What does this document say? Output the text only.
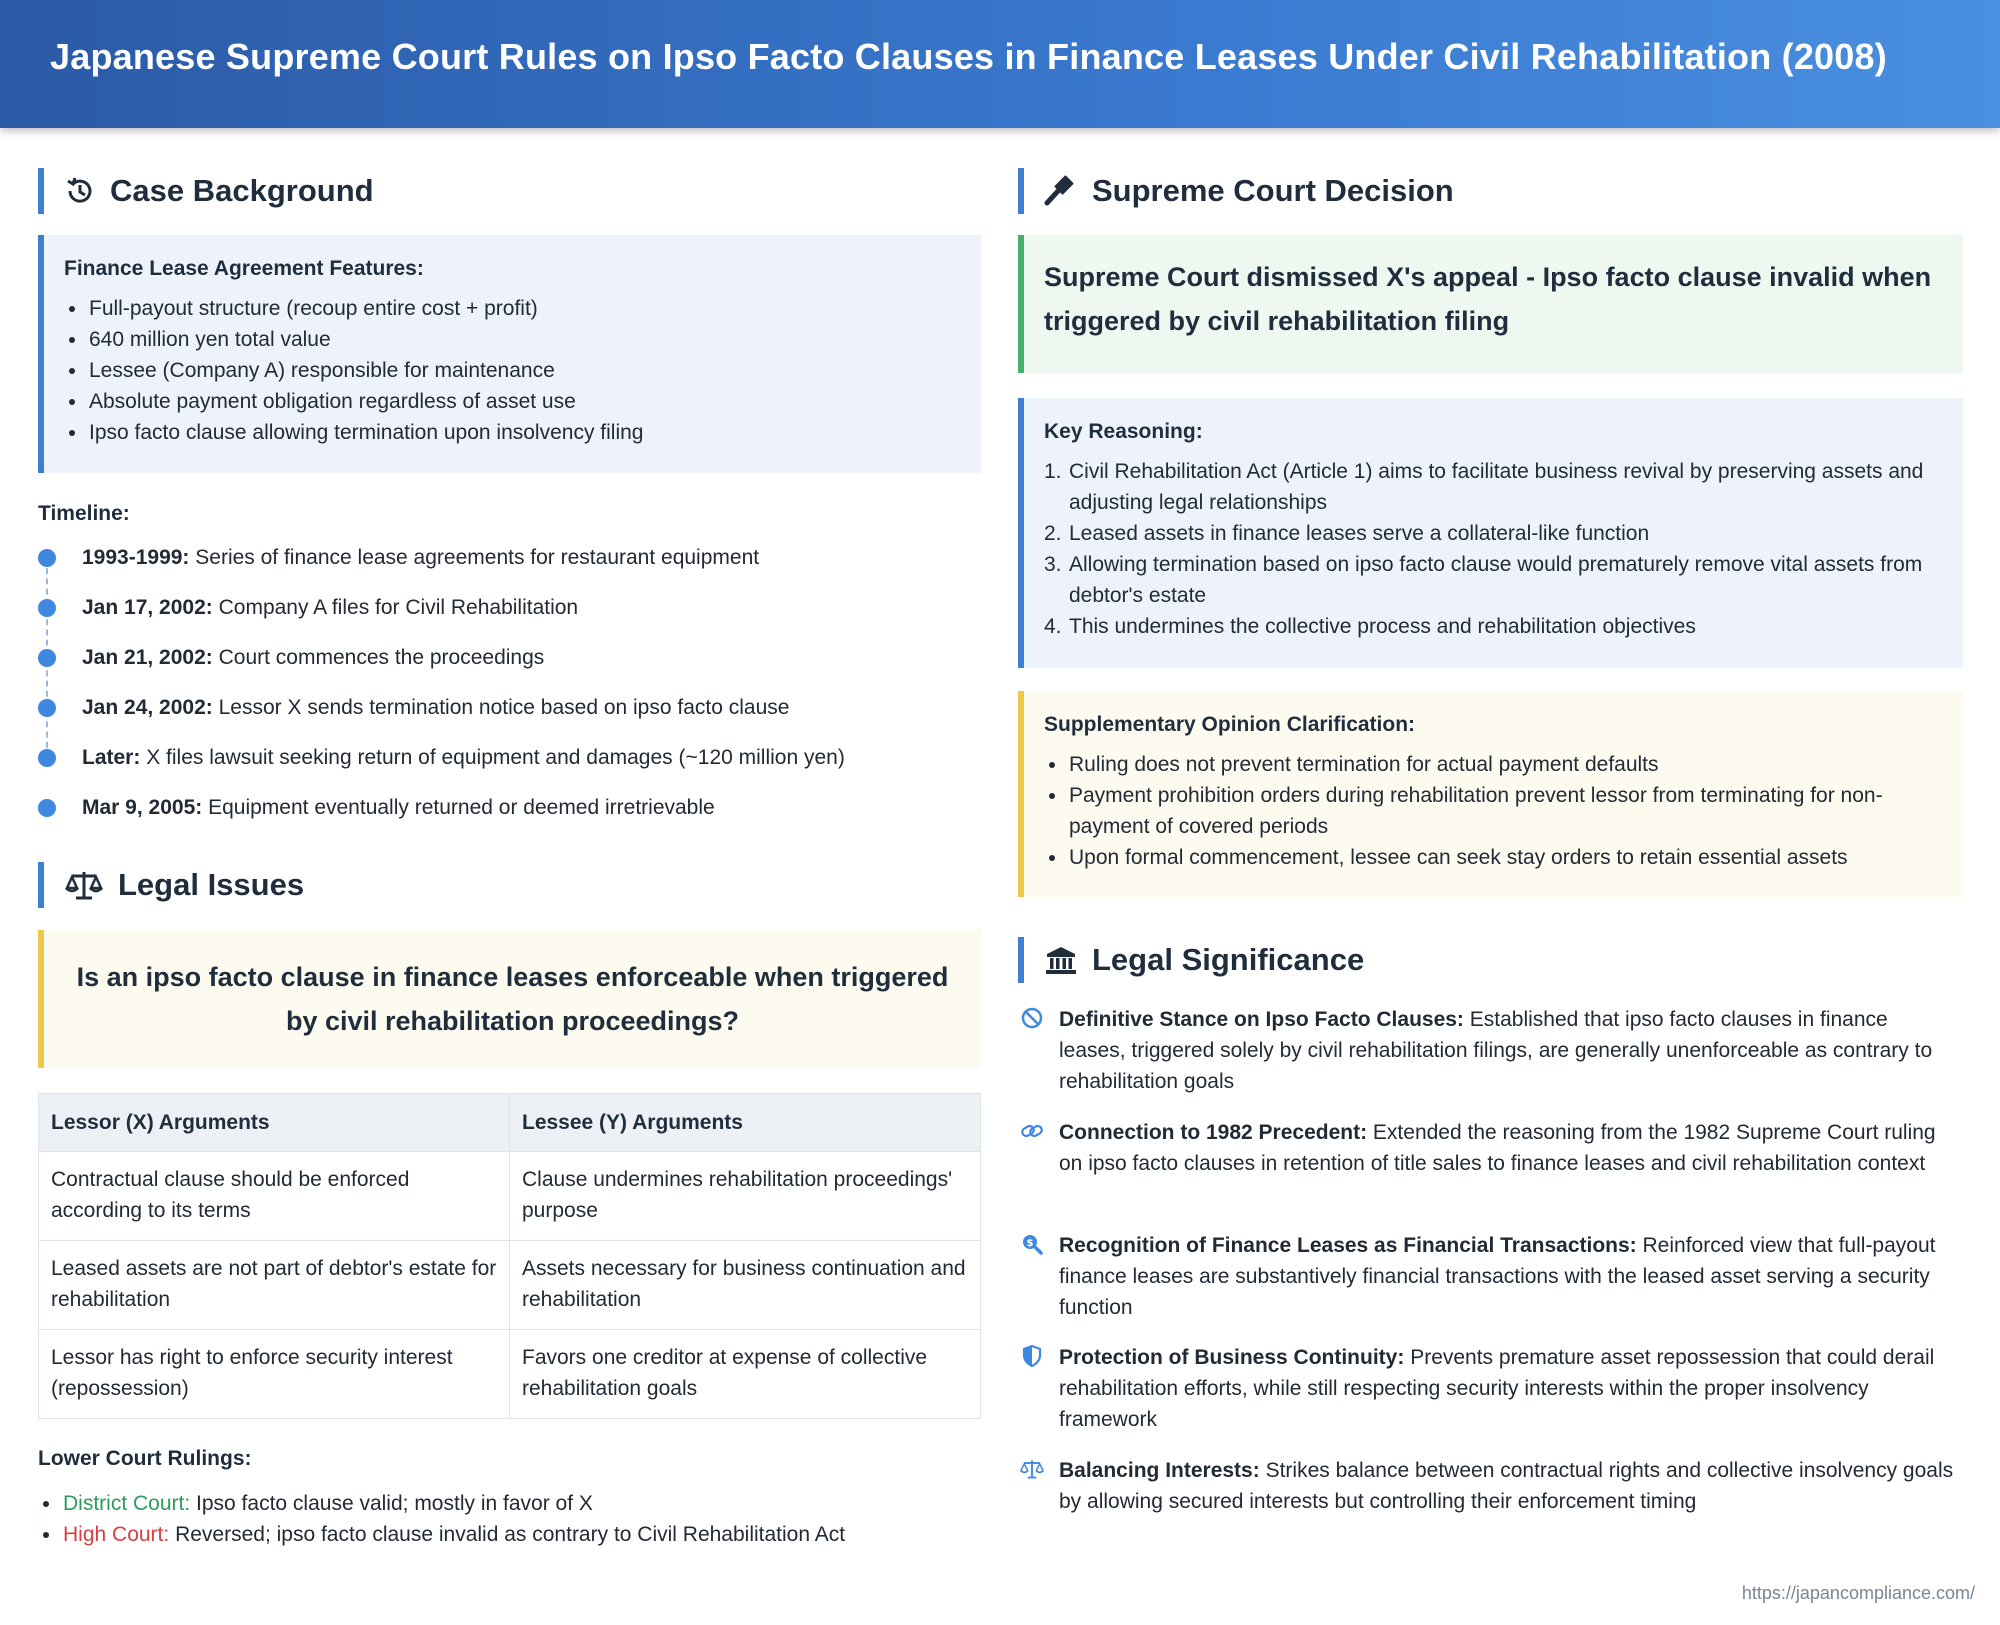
Japanese Supreme Court Rules on Ipso Facto Clauses in Finance Leases Under Civil Rehabilitation (2008)
Case Background
Finance Lease Agreement Features:
Full-payout structure (recoup entire cost + profit)
640 million yen total value
Lessee (Company A) responsible for maintenance
Absolute payment obligation regardless of asset use
Ipso facto clause allowing termination upon insolvency filing
Timeline:
1993-1999: Series of finance lease agreements for restaurant equipment
Jan 17, 2002: Company A files for Civil Rehabilitation
Jan 21, 2002: Court commences the proceedings
Jan 24, 2002: Lessor X sends termination notice based on ipso facto clause
Later: X files lawsuit seeking return of equipment and damages (~120 million yen)
Mar 9, 2005: Equipment eventually returned or deemed irretrievable
Legal Issues
Is an ipso facto clause in finance leases enforceable when triggered by civil rehabilitation proceedings?
Lessor (X) Arguments	Lessee (Y) Arguments
Contractual clause should be enforced according to its terms	Clause undermines rehabilitation proceedings' purpose
Leased assets are not part of debtor's estate for rehabilitation	Assets necessary for business continuation and rehabilitation
Lessor has right to enforce security interest (repossession)	Favors one creditor at expense of collective rehabilitation goals
Lower Court Rulings:
District Court: Ipso facto clause valid; mostly in favor of X
High Court: Reversed; ipso facto clause invalid as contrary to Civil Rehabilitation Act
Supreme Court Decision
Supreme Court dismissed X's appeal - Ipso facto clause invalid when triggered by civil rehabilitation filing
Key Reasoning:
1. Civil Rehabilitation Act (Article 1) aims to facilitate business revival by preserving assets and adjusting legal relationships
2. Leased assets in finance leases serve a collateral-like function
3. Allowing termination based on ipso facto clause would prematurely remove vital assets from debtor's estate
4. This undermines the collective process and rehabilitation objectives
Supplementary Opinion Clarification:
Ruling does not prevent termination for actual payment defaults
Payment prohibition orders during rehabilitation prevent lessor from terminating for non-payment of covered periods
Upon formal commencement, lessee can seek stay orders to retain essential assets
Legal Significance
Definitive Stance on Ipso Facto Clauses: Established that ipso facto clauses in finance leases, triggered solely by civil rehabilitation filings, are generally unenforceable as contrary to rehabilitation goals
Connection to 1982 Precedent: Extended the reasoning from the 1982 Supreme Court ruling on ipso facto clauses in retention of title sales to finance leases and civil rehabilitation context
$ Recognition of Finance Leases as Financial Transactions: Reinforced view that full-payout finance leases are substantively financial transactions with the leased asset serving a security function
Protection of Business Continuity: Prevents premature asset repossession that could derail rehabilitation efforts, while still respecting security interests within the proper insolvency framework
Balancing Interests: Strikes balance between contractual rights and collective insolvency goals by allowing secured interests but controlling their enforcement timing
https://japancompliance.com/
